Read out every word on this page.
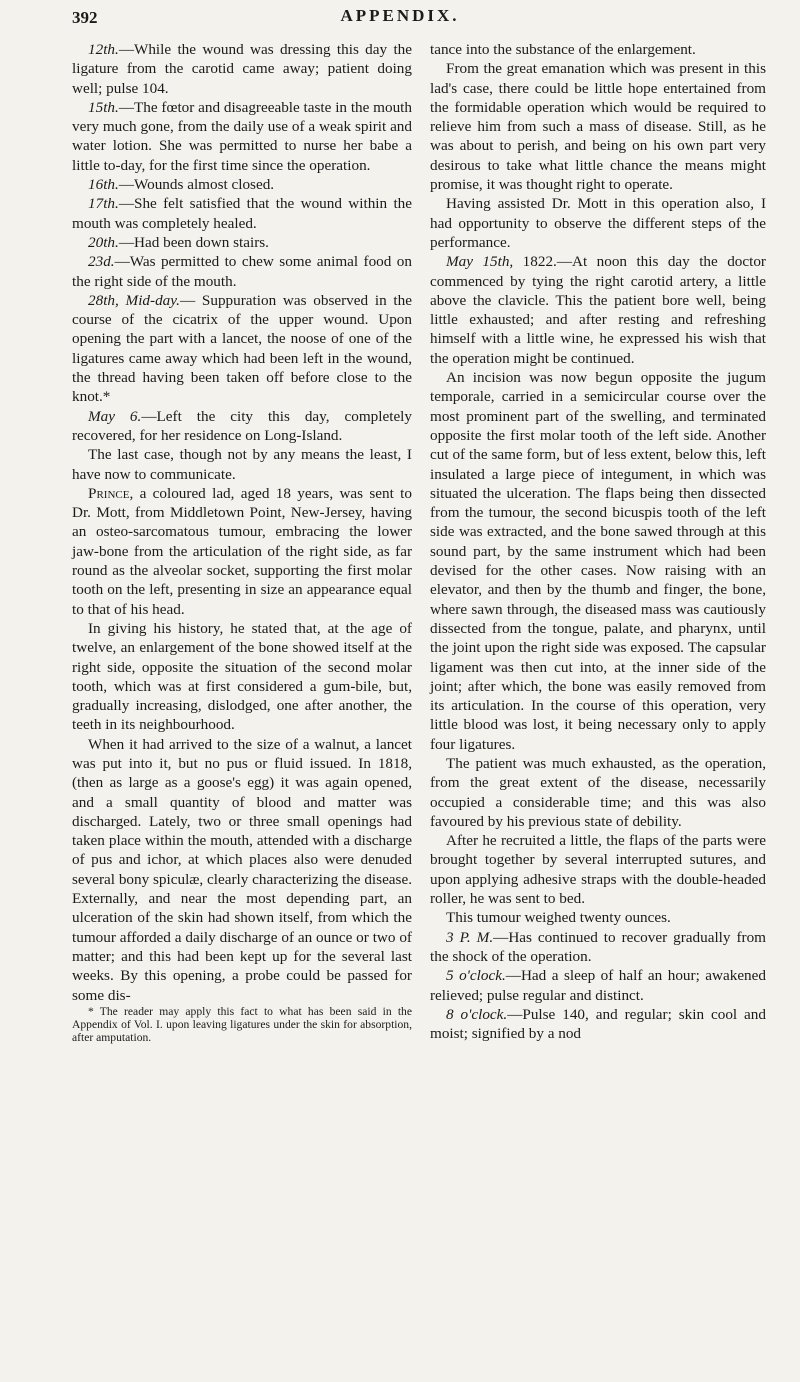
392	APPENDIX.

12th.—While the wound was dressing this day the ligature from the carotid came away; patient doing well; pulse 104.

15th.—The fœtor and disagreeable taste in the mouth very much gone, from the daily use of a weak spirit and water lotion. She was permitted to nurse her babe a little to-day, for the first time since the operation.

16th.—Wounds almost closed.

17th.—She felt satisfied that the wound within the mouth was completely healed.

20th.—Had been down stairs.

23d.—Was permitted to chew some animal food on the right side of the mouth.

28th, Mid-day.— Suppuration was observed in the course of the cicatrix of the upper wound. Upon opening the part with a lancet, the noose of one of the ligatures came away which had been left in the wound, the thread having been taken off before close to the knot.*

May 6.—Left the city this day, completely recovered, for her residence on Long-Island.

The last case, though not by any means the least, I have now to communicate.

Prince, a coloured lad, aged 18 years, was sent to Dr. Mott, from Middletown Point, New-Jersey, having an osteo-sarcomatous tumour, embracing the lower jaw-bone from the articulation of the right side, as far round as the alveolar socket, supporting the first molar tooth on the left, presenting in size an appearance equal to that of his head.

In giving his history, he stated that, at the age of twelve, an enlargement of the bone showed itself at the right side, opposite the situation of the second molar tooth, which was at first considered a gum-bile, but, gradually increasing, dislodged, one after another, the teeth in its neighbourhood.

When it had arrived to the size of a walnut, a lancet was put into it, but no pus or fluid issued. In 1818, (then as large as a goose's egg) it was again opened, and a small quantity of blood and matter was discharged. Lately, two or three small openings had taken place within the mouth, attended with a discharge of pus and ichor, at which places also were denuded several bony spiculæ, clearly characterizing the disease. Externally, and near the most depending part, an ulceration of the skin had shown itself, from which the tumour afforded a daily discharge of an ounce or two of matter; and this had been kept up for the several last weeks. By this opening, a probe could be passed for some dis-

* The reader may apply this fact to what has been said in the Appendix of Vol. I. upon leaving ligatures under the skin for absorption, after amputation.

tance into the substance of the enlargement.

From the great emanation which was present in this lad's case, there could be little hope entertained from the formidable operation which would be required to relieve him from such a mass of disease. Still, as he was about to perish, and being on his own part very desirous to take what little chance the means might promise, it was thought right to operate.

Having assisted Dr. Mott in this operation also, I had opportunity to observe the different steps of the performance.

May 15th, 1822.—At noon this day the doctor commenced by tying the right carotid artery, a little above the clavicle. This the patient bore well, being little exhausted; and after resting and refreshing himself with a little wine, he expressed his wish that the operation might be continued.

An incision was now begun opposite the jugum temporale, carried in a semicircular course over the most prominent part of the swelling, and terminated opposite the first molar tooth of the left side. Another cut of the same form, but of less extent, below this, left insulated a large piece of integument, in which was situated the ulceration. The flaps being then dissected from the tumour, the second bicuspis tooth of the left side was extracted, and the bone sawed through at this sound part, by the same instrument which had been devised for the other cases. Now raising with an elevator, and then by the thumb and finger, the bone, where sawn through, the diseased mass was cautiously dissected from the tongue, palate, and pharynx, until the joint upon the right side was exposed. The capsular ligament was then cut into, at the inner side of the joint; after which, the bone was easily removed from its articulation. In the course of this operation, very little blood was lost, it being necessary only to apply four ligatures.

The patient was much exhausted, as the operation, from the great extent of the disease, necessarily occupied a considerable time; and this was also favoured by his previous state of debility.

After he recruited a little, the flaps of the parts were brought together by several interrupted sutures, and upon applying adhesive straps with the double-headed roller, he was sent to bed.

This tumour weighed twenty ounces.

3 P. M.—Has continued to recover gradually from the shock of the operation.

5 o'clock.—Had a sleep of half an hour; awakened relieved; pulse regular and distinct.

8 o'clock.—Pulse 140, and regular; skin cool and moist; signified by a nod
